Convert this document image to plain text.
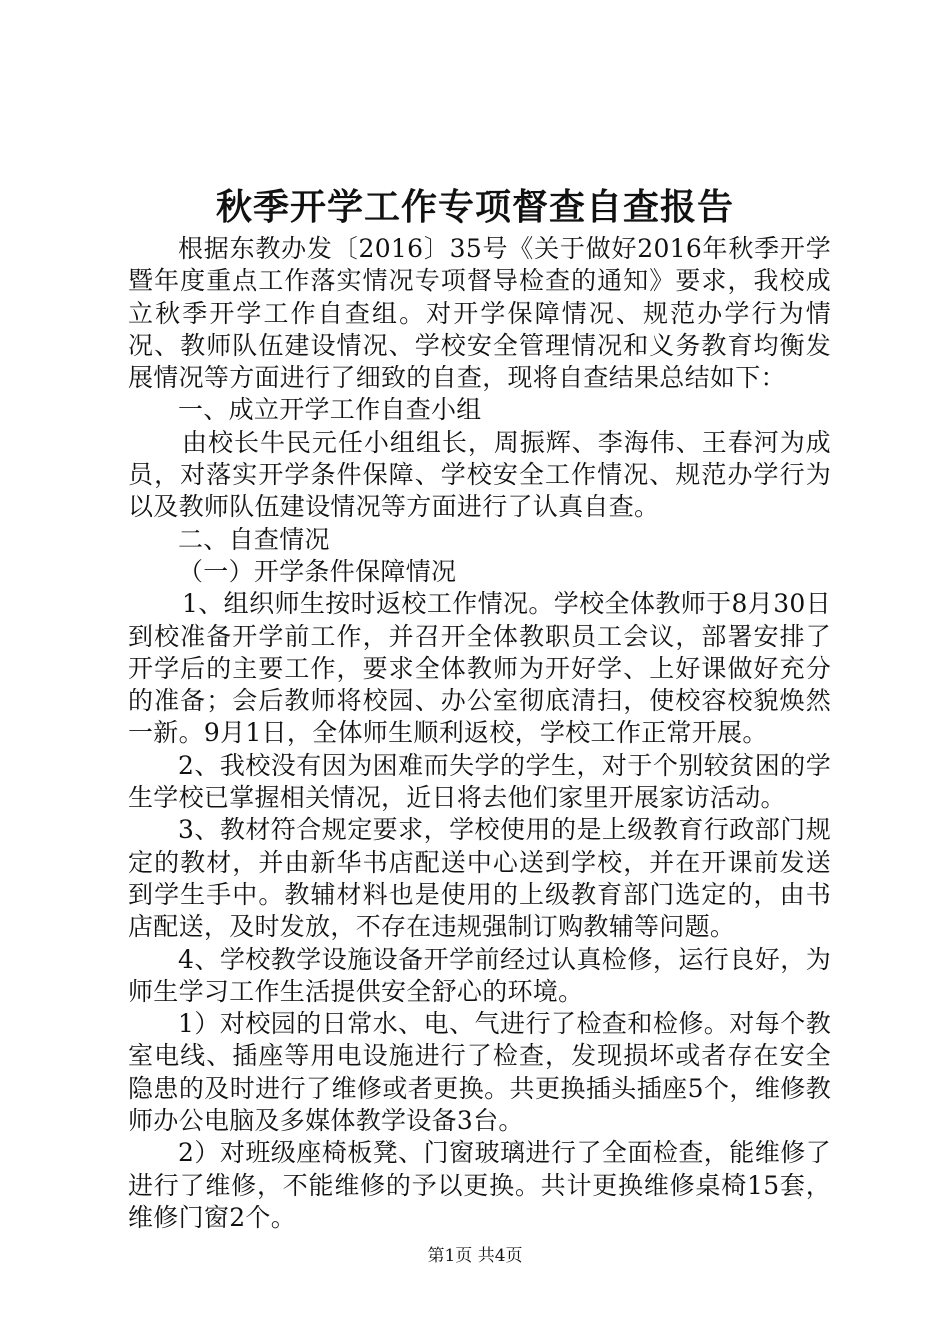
秋季开学工作专项督查自查报告

根据东教办发〔2016〕35号《关于做好2016年秋季开学暨年度重点工作落实情况专项督导检查的通知》要求，我校成立秋季开学工作自查组。对开学保障情况、规范办学行为情况、教师队伍建设情况、学校安全管理情况和义务教育均衡发展情况等方面进行了细致的自查，现将自查结果总结如下：

一、成立开学工作自查小组

由校长牛民元任小组组长，周振辉、李海伟、王春河为成员，对落实开学条件保障、学校安全工作情况、规范办学行为以及教师队伍建设情况等方面进行了认真自查。

二、自查情况

（一）开学条件保障情况

1、组织师生按时返校工作情况。学校全体教师于8月30日到校准备开学前工作，并召开全体教职员工会议，部署安排了开学后的主要工作，要求全体教师为开好学、上好课做好充分的准备；会后教师将校园、办公室彻底清扫，使校容校貌焕然一新。9月1日，全体师生顺利返校，学校工作正常开展。

2、我校没有因为困难而失学的学生，对于个别较贫困的学生学校已掌握相关情况，近日将去他们家里开展家访活动。

3、教材符合规定要求，学校使用的是上级教育行政部门规定的教材，并由新华书店配送中心送到学校，并在开课前发送到学生手中。教辅材料也是使用的上级教育部门选定的，由书店配送，及时发放，不存在违规强制订购教辅等问题。

4、学校教学设施设备开学前经过认真检修，运行良好，为师生学习工作生活提供安全舒心的环境。

1）对校园的日常水、电、气进行了检查和检修。对每个教室电线、插座等用电设施进行了检查，发现损坏或者存在安全隐患的及时进行了维修或者更换。共更换插头插座5个，维修教师办公电脑及多媒体教学设备3台。

2）对班级座椅板凳、门窗玻璃进行了全面检查，能维修了进行了维修，不能维修的予以更换。共计更换维修桌椅15套，维修门窗2个。

第1页 共4页
